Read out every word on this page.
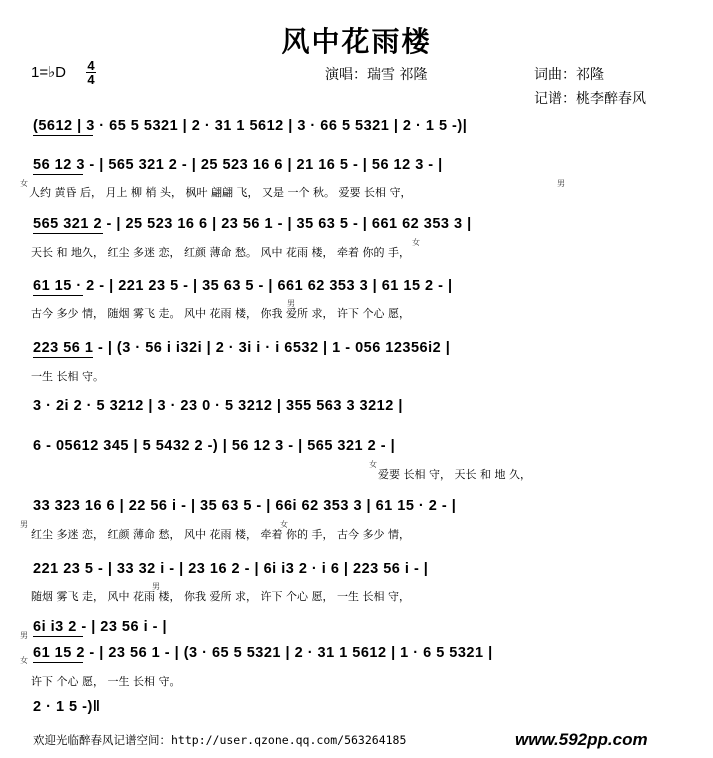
风中花雨楼
1=♭D 4
4	演唱：瑞雪 祁隆	词曲：祁隆
记谱：桃李醉春风
(5612 | 3 · 65 5 5321 | 2 · 31 1 5612 | 3 · 66 5 5321 | 2 · 1 5 -)|
56 12 3 - | 565 321 2 - | 25 523 16 6 | 21 16 5 - | 56 12 3 - |
女	男
人约 黄昏 后， 月上 柳 梢 头， 枫叶 翩翩 飞， 又是 一个 秋。 爱要 长相 守，
565 321 2 - | 25 523 16 6 | 23 56 1 - | 35 63 5 - | 661 62 353 3 |
女
天长 和 地久， 红尘 多迷 恋， 红颜 薄命 愁。 风中 花雨 楼， 牵着 你的 手，
61 15 · 2 - | 221 23 5 - | 35 63 5 - | 661 62 353 3 | 61 15 2 - |
男
古今 多少 情， 随烟 雾飞 走。 风中 花雨 楼， 你我 爱所 求， 许下 个心 愿，
223 56 1 - | (3 · 56 i i32i | 2 · 3i i · i 6532 | 1 - 056 12356i2 |
一生 长相 守。
3 · 2i 2 · 5 3212 | 3 · 23 0 · 5 3212 | 355 563 3 3212 |
6 - 05612 345 | 5 5432 2 -) | 56 12 3 - | 565 321 2 - |
女
爱要 长相 守， 天长 和 地 久，
33 323 16 6 | 22 56 i - | 35 63 5 - | 66i 62 353 3 | 61 15 · 2 - |
男	女
红尘 多迷 恋， 红颜 薄命 愁， 风中 花雨 楼， 牵着 你的 手， 古今 多少 情，
221 23 5 - | 33 32 i - | 23 16 2 - | 6i i3 2 · i 6 | 223 56 i - |
男
随烟 雾飞 走， 风中 花雨 楼， 你我 爱所 求， 许下 个心 愿， 一生 长相 守，
男
6i i3 2 - | 23 56 i - |
女 61 15 2 - | 23 56 1 - | (3 · 65 5 5321 | 2 · 31 1 5612 | 1 · 6 5 5321 |
许下 个心 愿， 一生 长相 守。
2 · 1 5 -)‖
欢迎光临醉春风记谱空间：http://user.qzone.qq.com/563264185	www.592pp.com
